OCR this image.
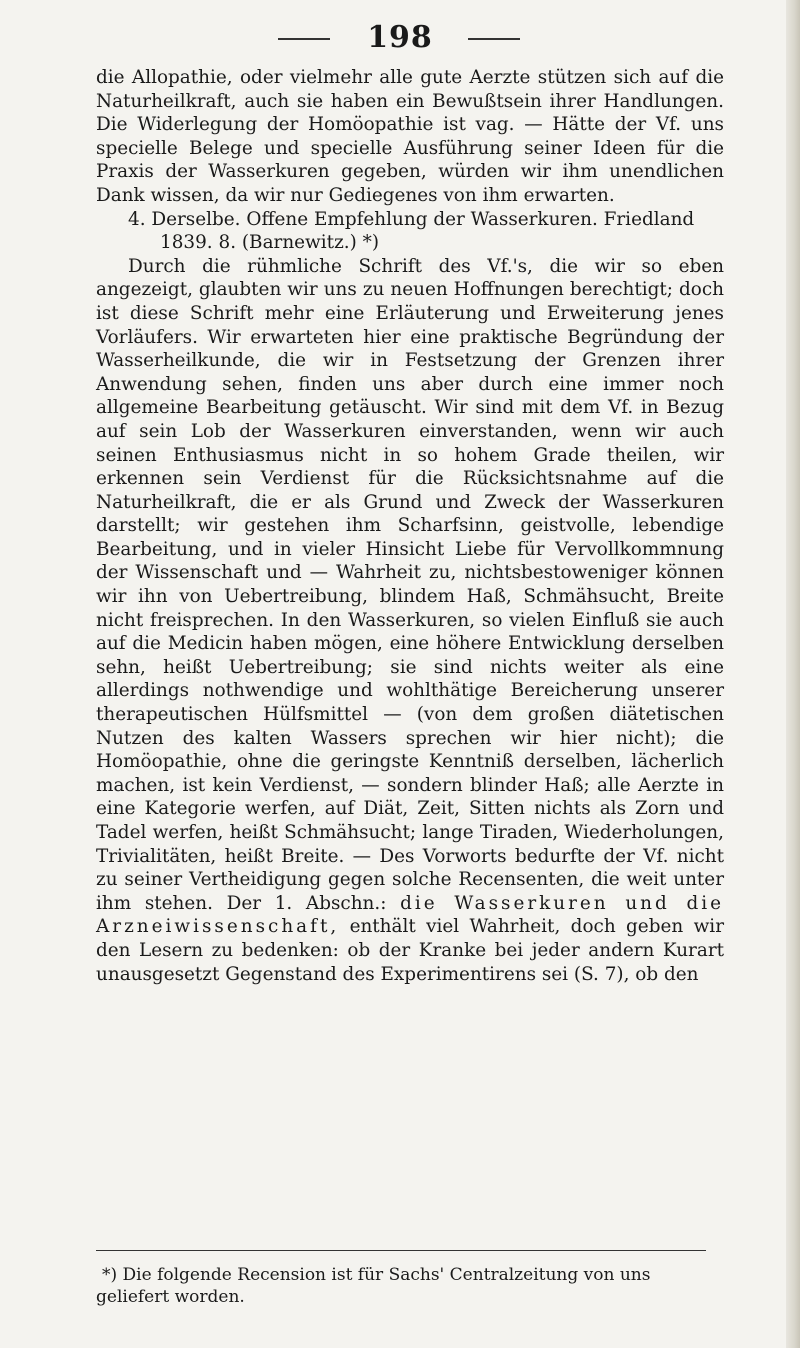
198

die Allopathie, oder vielmehr alle gute Aerzte stützen sich auf die Naturheilkraft, auch sie haben ein Bewußtsein ihrer Handlungen. Die Widerlegung der Homöopathie ist vag. — Hätte der Vf. uns specielle Belege und specielle Ausführung seiner Ideen für die Praxis der Wasserkuren gegeben, würden wir ihm unendlichen Dank wissen, da wir nur Gediegenes von ihm erwarten.

4. Derselbe. Offene Empfehlung der Wasserkuren. Friedland

1839. 8. (Barnewitz.) *)

Durch die rühmliche Schrift des Vf.'s, die wir so eben angezeigt, glaubten wir uns zu neuen Hoffnungen berechtigt; doch ist diese Schrift mehr eine Erläuterung und Erweiterung jenes Vorläufers. Wir erwarteten hier eine praktische Begründung der Wasserheilkunde, die wir in Festsetzung der Grenzen ihrer Anwendung sehen, finden uns aber durch eine immer noch allgemeine Bearbeitung getäuscht. Wir sind mit dem Vf. in Bezug auf sein Lob der Wasserkuren einverstanden, wenn wir auch seinen Enthusiasmus nicht in so hohem Grade theilen, wir erkennen sein Verdienst für die Rücksichtsnahme auf die Naturheilkraft, die er als Grund und Zweck der Wasserkuren darstellt; wir gestehen ihm Scharfsinn, geistvolle, lebendige Bearbeitung, und in vieler Hinsicht Liebe für Vervollkommnung der Wissenschaft und — Wahrheit zu, nichtsbestoweniger können wir ihn von Uebertreibung, blindem Haß, Schmähsucht, Breite nicht freisprechen. In den Wasserkuren, so vielen Einfluß sie auch auf die Medicin haben mögen, eine höhere Entwicklung derselben sehn, heißt Uebertreibung; sie sind nichts weiter als eine allerdings nothwendige und wohlthätige Bereicherung unserer therapeutischen Hülfsmittel — (von dem großen diätetischen Nutzen des kalten Wassers sprechen wir hier nicht); die Homöopathie, ohne die geringste Kenntniß derselben, lächerlich machen, ist kein Verdienst, — sondern blinder Haß; alle Aerzte in eine Kategorie werfen, auf Diät, Zeit, Sitten nichts als Zorn und Tadel werfen, heißt Schmähsucht; lange Tiraden, Wiederholungen, Trivialitäten, heißt Breite. — Des Vorworts bedurfte der Vf. nicht zu seiner Vertheidigung gegen solche Recensenten, die weit unter ihm stehen. Der 1. Abschn.: die Wasserkuren und die Arzneiwissenschaft, enthält viel Wahrheit, doch geben wir den Lesern zu bedenken: ob der Kranke bei jeder andern Kurart unausgesetzt Gegenstand des Experimentirens sei (S. 7), ob den

*) Die folgende Recension ist für Sachs' Centralzeitung von uns

geliefert worden.
